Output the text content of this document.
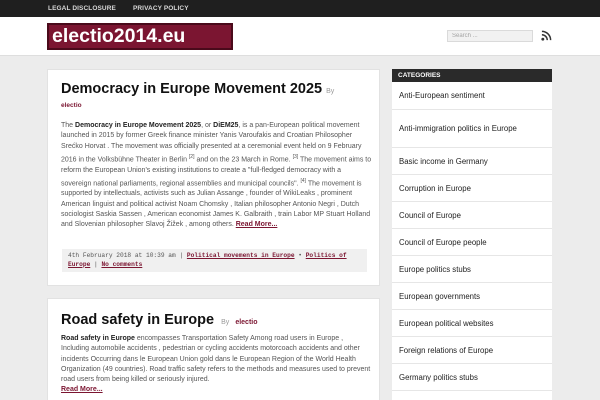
LEGAL DISCLOSURE	PRIVACY POLICY
electio2014.eu
Search ...
Democracy in Europe Movement 2025 By
electio
The Democracy in Europe Movement 2025, or DiEM25, is a pan-European political movement launched in 2015 by former Greek finance minister Yanis Varoufakis and Croatian Philosopher Srećko Horvat . The movement was officially presented at a ceremonial event held on 9 February 2016 in the Volksbühne Theater in Berlin [2] and on the 23 March in Rome. [3] The movement aims to reform the European Union's existing institutions to create a "full-fledged democracy with a sovereign national parliaments, regional assemblies and municipal councils". [4] The movement is supported by intellectuals, activists such as Julian Assange , founder of WikiLeaks , prominent American linguist and political activist Noam Chomsky , Italian philosopher Antonio Negri , Dutch sociologist Saskia Sassen , American economist James K. Galbraith , train Labor MP Stuart Holland and Slovenian philosopher Slavoj Žižek , among others. Read More...
4th February 2018 at 10:39 am | Political movements in Europe • Politics of Europe | No comments
Road safety in Europe By electio
Road safety in Europe encompasses Transportation Safety Among road users in Europe , Including automobile accidents , pedestrian or cycling accidents motorcoach accidents and other incidents Occurring dans le European Union gold dans le European Region of the World Health Organization (49 countries). Road traffic safety refers to the methods and measures used to prevent road users from being killed or seriously injured.
Read More...
CATEGORIES
Anti-European sentiment
Anti-immigration politics in Europe
Basic income in Germany
Corruption in Europe
Council of Europe
Council of Europe people
Europe politics stubs
European governments
European political websites
Foreign relations of Europe
Germany politics stubs
